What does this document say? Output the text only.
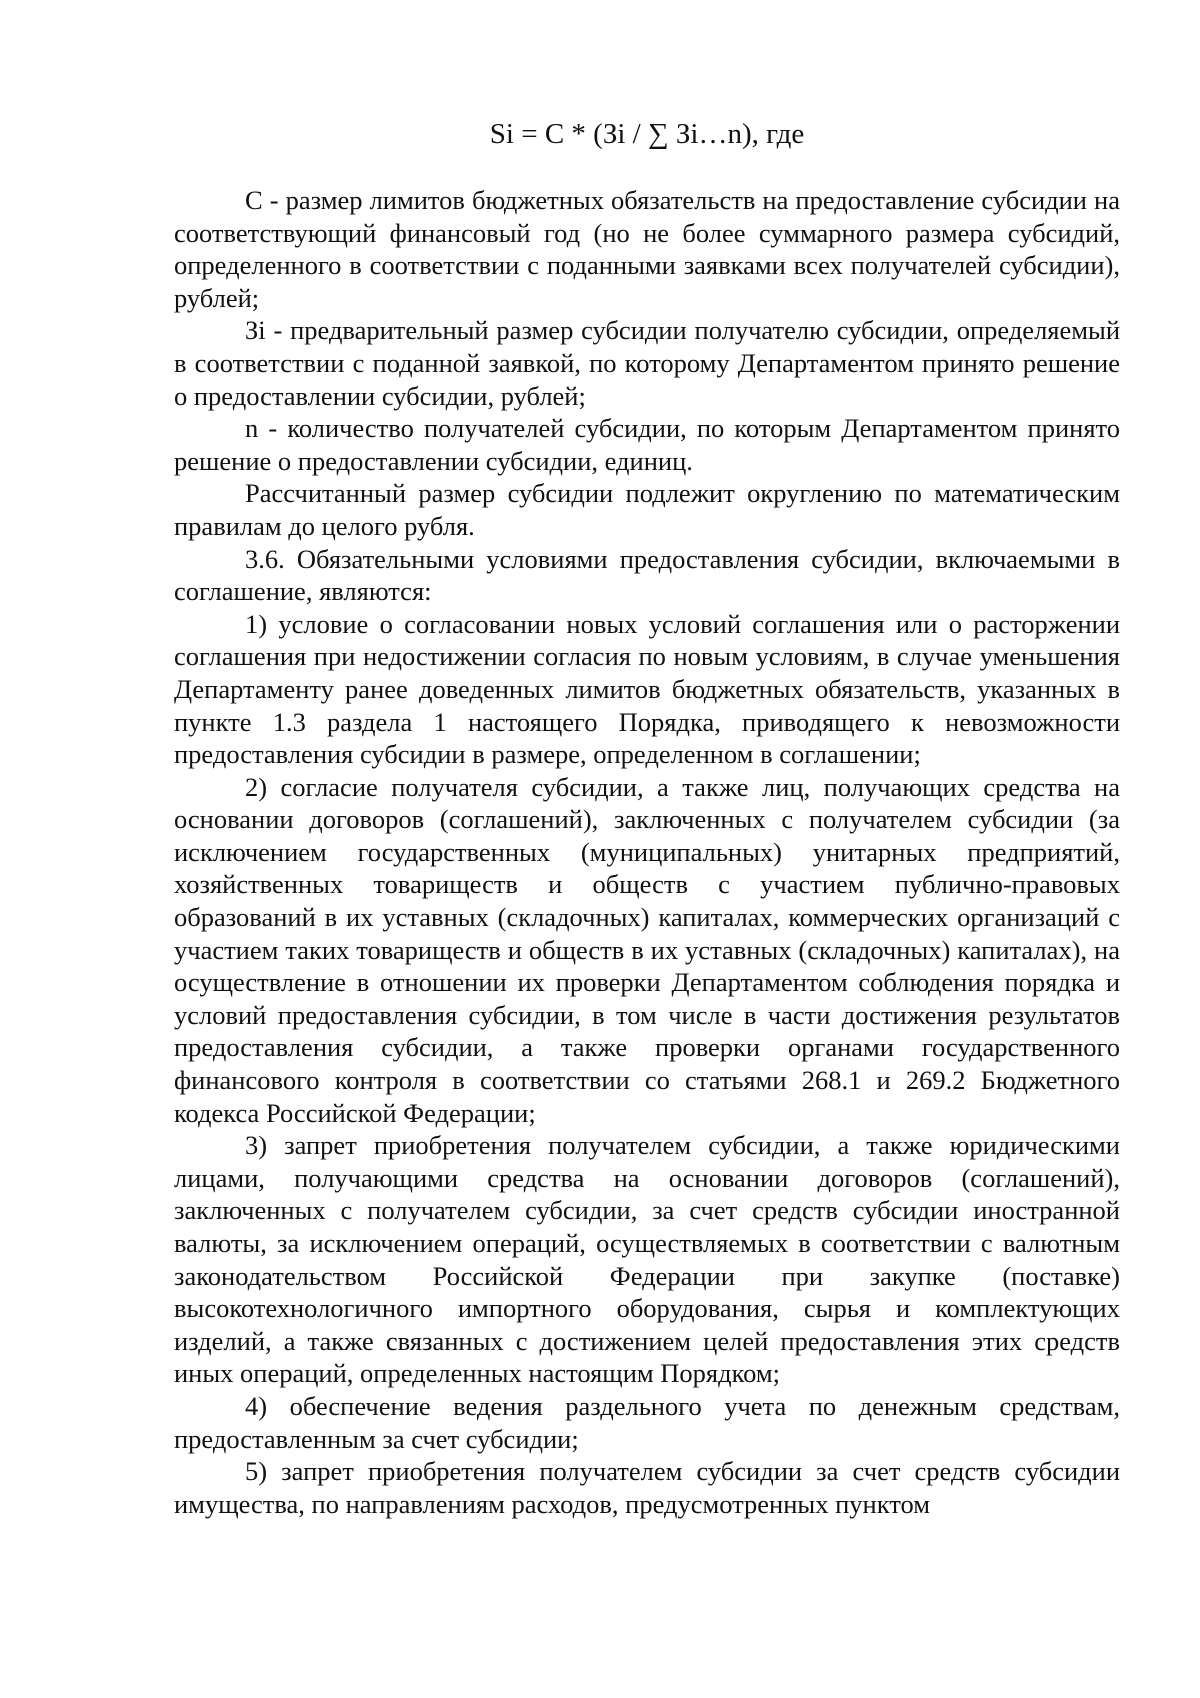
Si = C * (Зi / ∑ Зi…n), где

С - размер лимитов бюджетных обязательств на предоставление субсидии на соответствующий финансовый год (но не более суммарного размера субсидий, определенного в соответствии с поданными заявками всех получателей субсидии), рублей;

Зi - предварительный размер субсидии получателю субсидии, определяемый в соответствии с поданной заявкой, по которому Департаментом принято решение о предоставлении субсидии, рублей;

n - количество получателей субсидии, по которым Департаментом принято решение о предоставлении субсидии, единиц.

Рассчитанный размер субсидии подлежит округлению по математическим правилам до целого рубля.

3.6. Обязательными условиями предоставления субсидии, включаемыми в соглашение, являются:

1) условие о согласовании новых условий соглашения или о расторжении соглашения при недостижении согласия по новым условиям, в случае уменьшения Департаменту ранее доведенных лимитов бюджетных обязательств, указанных в пункте 1.3 раздела 1 настоящего Порядка, приводящего к невозможности предоставления субсидии в размере, определенном в соглашении;

2) согласие получателя субсидии, а также лиц, получающих средства на основании договоров (соглашений), заключенных с получателем субсидии (за исключением государственных (муниципальных) унитарных предприятий, хозяйственных товариществ и обществ с участием публично-правовых образований в их уставных (складочных) капиталах, коммерческих организаций с участием таких товариществ и обществ в их уставных (складочных) капиталах), на осуществление в отношении их проверки Департаментом соблюдения порядка и условий предоставления субсидии, в том числе в части достижения результатов предоставления субсидии, а также проверки органами государственного финансового контроля в соответствии со статьями 268.1 и 269.2 Бюджетного кодекса Российской Федерации;

3) запрет приобретения получателем субсидии, а также юридическими лицами, получающими средства на основании договоров (соглашений), заключенных с получателем субсидии, за счет средств субсидии иностранной валюты, за исключением операций, осуществляемых в соответствии с валютным законодательством Российской Федерации при закупке (поставке) высокотехнологичного импортного оборудования, сырья и комплектующих изделий, а также связанных с достижением целей предоставления этих средств иных операций, определенных настоящим Порядком;

4) обеспечение ведения раздельного учета по денежным средствам, предоставленным за счет субсидии;

5) запрет приобретения получателем субсидии за счет средств субсидии имущества, по направлениям расходов, предусмотренных пунктом
